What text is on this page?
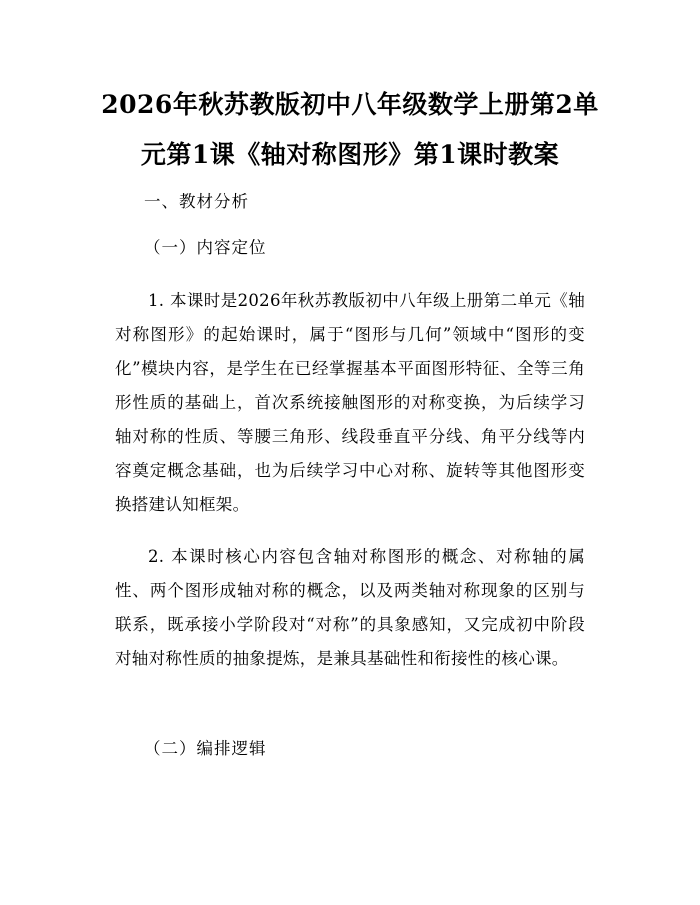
2026年秋苏教版初中八年级数学上册第2单元第1课《轴对称图形》第1课时教案

一、教材分析

（一）内容定位

1. 本课时是2026年秋苏教版初中八年级上册第二单元《轴对称图形》的起始课时，属于“图形与几何”领域中“图形的变化”模块内容，是学生在已经掌握基本平面图形特征、全等三角形性质的基础上，首次系统接触图形的对称变换，为后续学习轴对称的性质、等腰三角形、线段垂直平分线、角平分线等内容奠定概念基础，也为后续学习中心对称、旋转等其他图形变换搭建认知框架。

2. 本课时核心内容包含轴对称图形的概念、对称轴的属性、两个图形成轴对称的概念，以及两类轴对称现象的区别与联系，既承接小学阶段对“对称”的具象感知，又完成初中阶段对轴对称性质的抽象提炼，是兼具基础性和衔接性的核心课。

（二）编排逻辑
